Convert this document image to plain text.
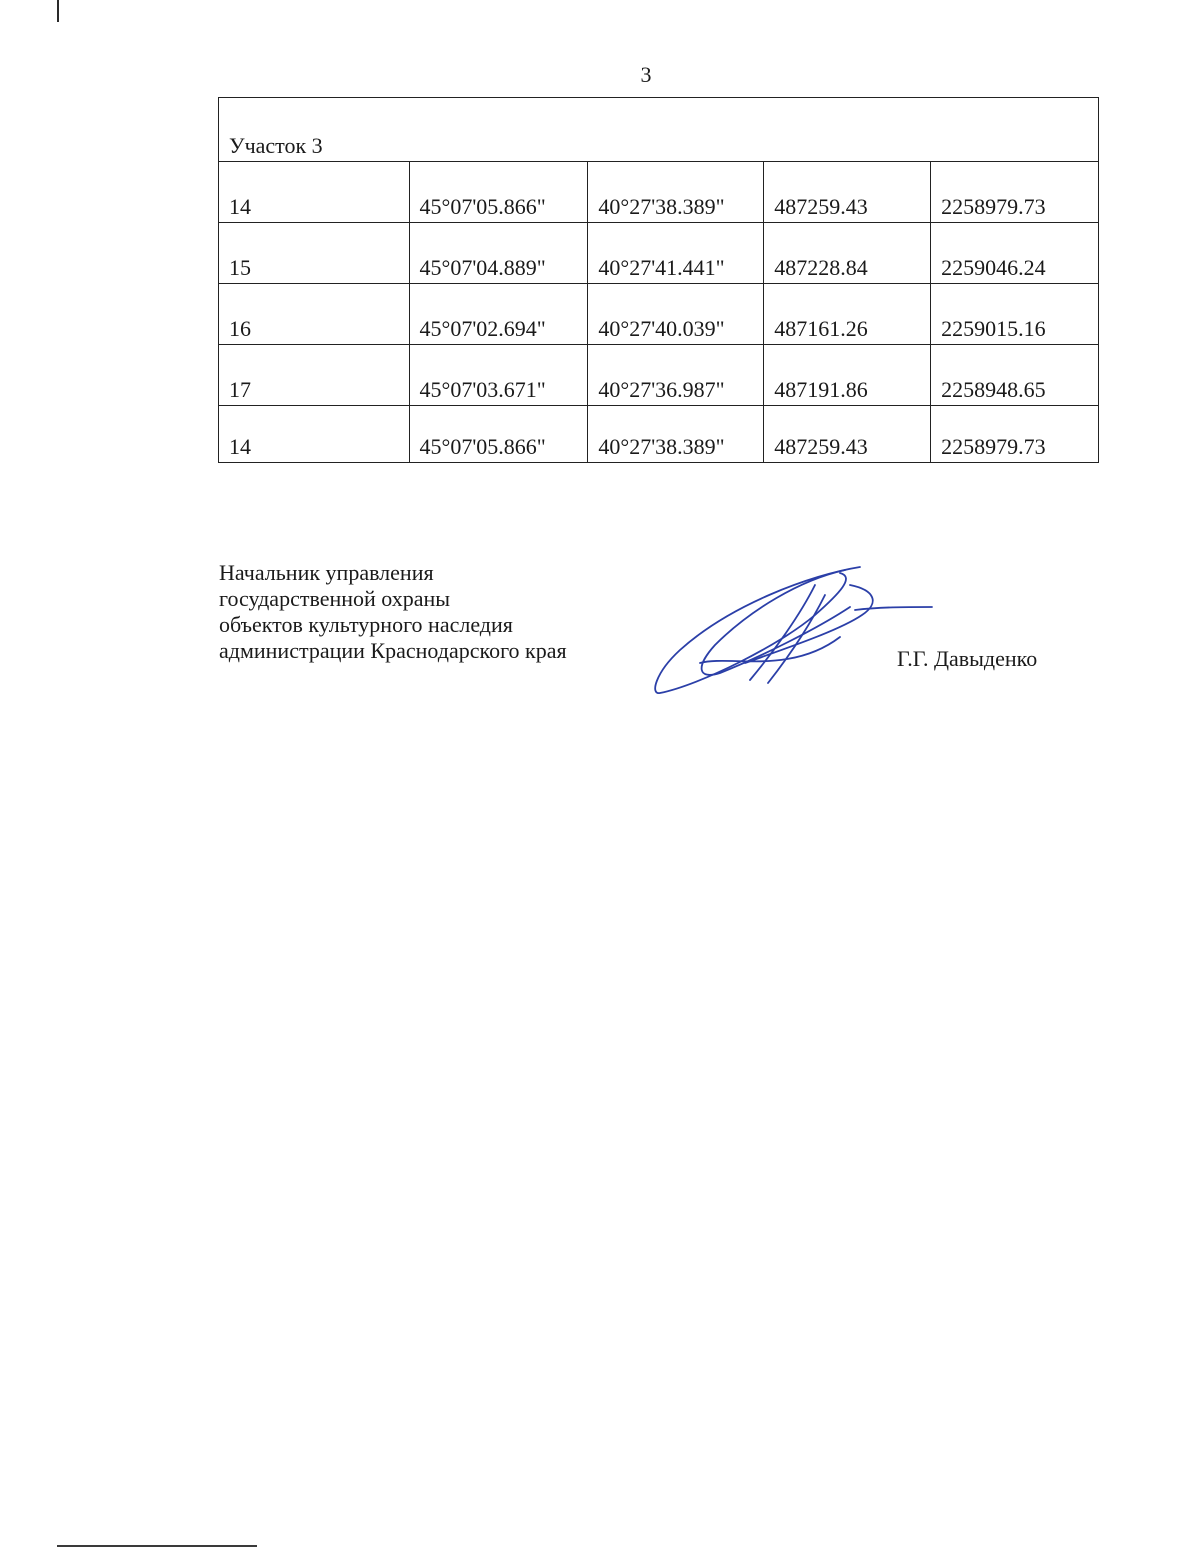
3
Участок 3				
14	45°07'05.866"	40°27'38.389"	487259.43	2258979.73
15	45°07'04.889"	40°27'41.441"	487228.84	2259046.24
16	45°07'02.694"	40°27'40.039"	487161.26	2259015.16
17	45°07'03.671"	40°27'36.987"	487191.86	2258948.65
14	45°07'05.866"	40°27'38.389"	487259.43	2258979.73
Начальник управления
государственной охраны
объектов культурного наследия
администрации Краснодарского края	Г.Г. Давыденко
